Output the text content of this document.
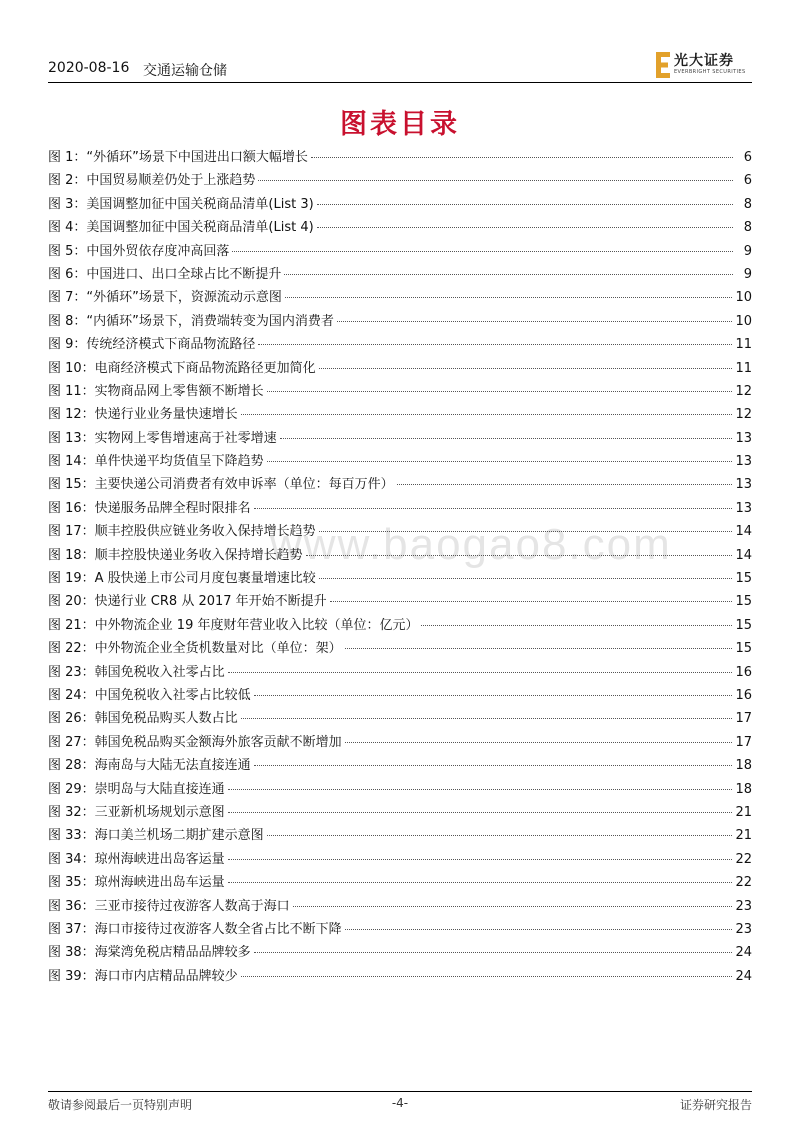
2020-08-16 交通运输仓储
光大证券
EVERBRIGHT SECURITIES
图表目录
www.baogao8.com
图 1：“外循环”场景下中国进出口额大幅增长	6
图 2：中国贸易顺差仍处于上涨趋势	6
图 3：美国调整加征中国关税商品清单(List 3)	8
图 4：美国调整加征中国关税商品清单(List 4)	8
图 5：中国外贸依存度冲高回落	9
图 6：中国进口、出口全球占比不断提升	9
图 7：“外循环”场景下，资源流动示意图	10
图 8：“内循环”场景下，消费端转变为国内消费者	10
图 9：传统经济模式下商品物流路径	11
图 10：电商经济模式下商品物流路径更加简化	11
图 11：实物商品网上零售额不断增长	12
图 12：快递行业业务量快速增长	12
图 13：实物网上零售增速高于社零增速	13
图 14：单件快递平均货值呈下降趋势	13
图 15：主要快递公司消费者有效申诉率（单位：每百万件）	13
图 16：快递服务品牌全程时限排名	13
图 17：顺丰控股供应链业务收入保持增长趋势	14
图 18：顺丰控股快递业务收入保持增长趋势	14
图 19：A 股快递上市公司月度包裹量增速比较	15
图 20：快递行业 CR8 从 2017 年开始不断提升	15
图 21：中外物流企业 19 年度财年营业收入比较（单位：亿元）	15
图 22：中外物流企业全货机数量对比（单位：架）	15
图 23：韩国免税收入社零占比	16
图 24：中国免税收入社零占比较低	16
图 26：韩国免税品购买人数占比	17
图 27：韩国免税品购买金额海外旅客贡献不断增加	17
图 28：海南岛与大陆无法直接连通	18
图 29：崇明岛与大陆直接连通	18
图 32：三亚新机场规划示意图	21
图 33：海口美兰机场二期扩建示意图	21
图 34：琼州海峡进出岛客运量	22
图 35：琼州海峡进出岛车运量	22
图 36：三亚市接待过夜游客人数高于海口	23
图 37：海口市接待过夜游客人数全省占比不断下降	23
图 38：海棠湾免税店精品品牌较多	24
图 39：海口市内店精品品牌较少	24
敬请参阅最后一页特别声明	-4-	证券研究报告
